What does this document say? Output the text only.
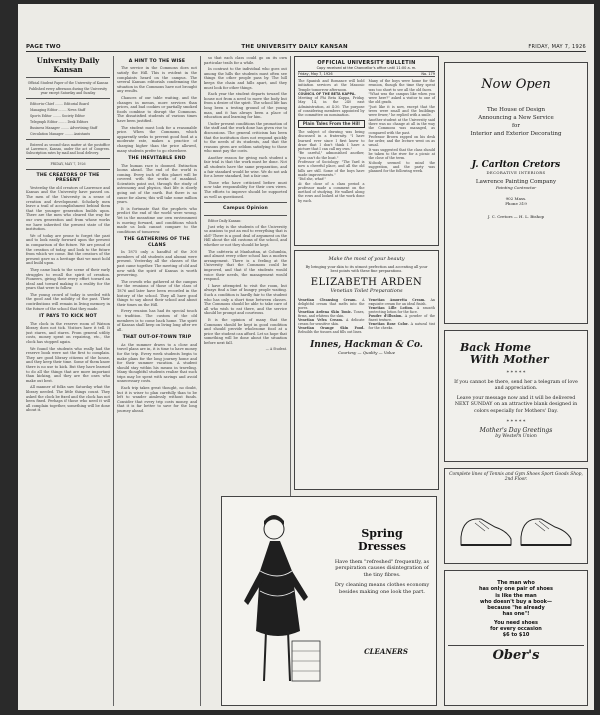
PAGE TWO	THE UNIVERSITY DAILY KANSAN	FRIDAY, MAY 7, 1926
University Daily Kansan

Official Student Paper of the University of Kansas

Published every afternoon during the University year except Saturday and Sunday

Editor-in-Chief ........ Editorial Board

Managing Editor ........ News Staff

Sports Editor ........ Society Editor

Telegraph Editor ........ Desk Editors

Business Manager ........ Advertising Staff

Circulation Manager ........ Assistants

Entered as second-class matter at the postoffice at Lawrence, Kansas, under the act of Congress. Subscription rates by mail and local delivery.

FRIDAY, MAY 7, 1926

THE CREATORS OF THE PRESENT

Yesterday the old creators of Lawrence and Kansas and the University have passed on. The men of the University in a sense of creation and development. Scholarly men leave a trail of accomplishment behind them that the younger generation builds upon. There are the men who cleared the way for our own generation and from whose works we have inherited the present state of the institution.

We of today are prone to forget the past and to look easily forward upon the present in comparison of the future. We are proud of the creation of today, and look to the future from which we come. But the creators of the present gave us a heritage that we must hold and build upon.

They came back to the scene of their early struggles to recall the spirit of creation. Pioneers, giving their every effort toward an ideal and toward making it a reality for the years that were to follow.

The young crowd of today is seeded with the good and the nobility of the past. Their contributions will remain in living memory in the future of the school that they made.

IT PAYS TO KICK NOT

The clock in the reserve room of Watson library does not tick. Visitors have it tell. It just stares, and stares. From general utility costs, money spent on repairing, etc., the clock has stopped again.

We found the students who really had the reserve book were not the first to complain. They are good library citizens of the house, and they keep their time. Some of them know there is no use to kick. But they have learned to do all the things that are more important than kicking, and they are the ones who make out best.

All manner of folks saw Saturday what the library needed. The little things count. They asked the clock be fixed and the clock has not been fixed. Perhaps if those who need it will all complain together, something will be done about it.

A HINT TO THE WISE

The service in the Commons does not satisfy the Hill. This is evident in the complaints heard on the campus. The several Kansan editorials condemning the situation in the Commons have not brought any results.

Chances of our table waiting, and the changes in menus, more services than prices, and bad cookies or partially smoked foods combine to disrupt the Commons. The dissatisfied students of various times have been justified.

The student must look for a reasonable price. When the Commons, which apparently seeks to prevent good food at a moderate rate, makes a practice of charging higher than the price allowed, many students prefer to go elsewhere.

THE INEVITABLE END

The human race is doomed. Extinction looms ahead. The end of the world is coming. Every inch of this planet will be covered with the works of mankind. Scientists point out, through the study of astronomy and physics, that life is slowly going out of the earth. But there is no cause for alarm; this will take some million years.

It is fortunate that the prophets who predict the end of the world were wrong. Yet in the meantime our own environment is moving forward, and conditions which made us look cannot compare to the conditions of tomorrow.

THE GATHERING OF THE CLANS

In 1875 only a handful of the 300 members of old students and alumni were present. Yesterday all the classes of the past came together. The meeting of old and new with the spirit of Kansas is worth preserving.

The crowds who gathered at the campus for the reunions of those of the class of 1876 and later have been recorded in the history of the school. They all have good things to say about their school and about their times on the Hill.

Every reunion has had its special touch to tradition. The custom of the old members is to come back home. The spirit of Kansas shall keep on living long after we all.

THAT OUT-OF-TOWN TRIP

As the summer draws to a close and travel plans are in, it is time to have money for the trip. Every week students begin to make plans for the long journey home and for their summer vacation. A student should stay within his means in traveling. Many thoughtful students realize that such trips may be spent with savings and avoid unnecessary costs.

Each trip takes great thought, no doubt, but it is wiser to plan carefully than to be left to wander aimlessly without funds. Consider that every trip costs money, and that it is far better to save for the long journey ahead.

so that each class could go on its own particular trails for a while.

In contrast to the individual who goes out among the hills the students must often see things the other people pass by. The hill keeps the chain and hills apart, and they must look for other things.

Each year the student departs toward the house not from a need to move the body but from a desire of the spirit. The school life has long been a testing ground of the young man, and it has always been a place of education and learning for him.

Under present conditions the promotion of the staff and the work done has given rise to discussions. The general criticism has been that the institution does not respond quickly to the needs of its students, and that the reasons given are seldom satisfying to those who must pay the costs.

Another reason for giving each student a fair trial is that the work must be done. Not all students have the same preparation, and a fair standard would be wise. We do not ask for a lower standard, but a fair one.

Those who have criticized before must now take responsibility for their own views. The efforts to improve should be supported as well as questioned.

Campus Opinion

Editor Daily Kansan:

Just why is the students of the University so anxious to put an end to everything that is old? There is a good deal of argument on the Hill about the old customs of the school, and whether or not they should be kept.

The cafeteria at Manhattan, at Columbia, and almost every other school has a modern arrangement. There is a feeling at the University that the Commons could be improved, and that if the students would voice their needs, the management would respond.

I have attempted to visit the room, but always find a line of hungry people waiting. Such a condition is hardly fair to the student who has only a short time between classes. The Commons should be able to take care of all who wish to eat there, and the service should be prompt and courteous.

It is the opinion of many that the Commons should be kept in good condition and should provide wholesome food at a price the student can afford. Let us hope that something will be done about the situation before next fall.

— A Student.

OFFICIAL UNIVERSITY BULLETIN
Copy received at the Chancellor's office until 11:00 a. m.
Friday, May 7, 1926	No. 179

The Spanish and Romance will hold initiation services at the Masonic Temple tomorrow afternoon.

COUNCIL OF THE BETA KAPPA.

Meeting of Phi Beta Kappa, Friday, May 14, in the 240 east Administration, at 4:30. The purpose of considering members appointed by the committee on nomination.

Plain Tales From the Hill

The subject of drawing was being discussed in a fraternity. "I have learned ever since I first knew to draw that I don't think I have a picture that I can call my own."

"Be careful," admonished another, "you can't do the boat."

Professor of Sociology: "The Yard is now a cheerful place, and all the old hills are still. Some of the boys have made improvements."

"Did she, what!"

At the close of a class period a professor made a comment on the method of studying. He walked along the rows and looked at the work done by each.

Many of the boys were home for the reunion, though the time they spent was too short to see all the old faces.

"What was the campus like when you were here?" asked a visitor to one of the old grads.

"Just like it is now, except that the trees were small and the buildings were fewer," he replied with a smile.

Another student at the University said there was no change at all in the way the Commons was managed, as compared with the past.

Professor Brown rapped on his desk for order, and the lecture went on as usual.

It was suggested that the class should be taken to the river for a picnic at the close of the term.

Nobody seemed to mind the suggestion, and the party was planned for the following week.

Make the most of your beauty
By bringing your skin to its utmost perfection and accenting all your best points with these fine preparations.
ELIZABETH ARDEN
Venetian Toilet Preparations

Venetian Cleansing Cream. A delightful cream that melts into the pores.

Venetian Ardena Skin Tonic. Tones, firms, and whitens the skin.

Venetian Velva Cream. A delicate cream for sensitive skin.

Venetian Orange Skin Food. Rebuilds the tissues and fills out lines.

Venetian Amoretta Cream. An exquisite cream for an ideal finish.

Venetian Lille Lotion. A smooth protecting lotion for the face.

Poudre d'Illusion. A powder of the finest texture.

Venetian Rose Color. A natural tint for the cheeks.

Innes, Hackman & Co.
Courtesy — Quality — Value
Spring
Dresses

Have them "refreshed" frequently, as perspiration causes disintegration of the tiny fibres.

Dry cleaning means clothes economy besides making one look the part.

CLEANERS
Now Open
The House of Design
Announcing a New Service
for
Interior and Exterior Decorating
J. Carlton Cretors
DECORATIVE INTERIORS
Lawrence Painting Company
Painting Contractor
902 Mass.
Phone 319
J. C. Cretors — H. L. Bishop
Back Home
With Mother
* * * * *

If you cannot be there, send her a telegram of love and appreciation.

Leave your message now and it will be delivered NEXT SUNDAY on an attractive blank designed in colors especially for Mothers' Day.

* * * * *
Mother's Day Greetings
by Western Union
Complete lines of Tennis and Gym Shoes Sport Goods Shop, 2nd Floor.
The man who
has only one pair of shoes
is like the man
who doesn't buy a book—
because "he already
has one"!
You need shoes
for every occasion
$6 to $10
Ober's
